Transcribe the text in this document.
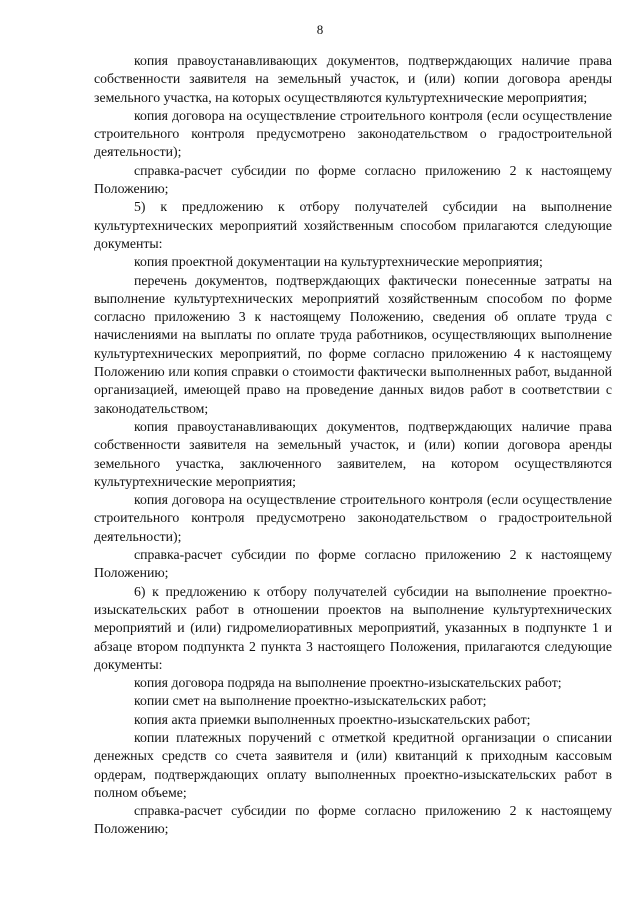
8

копия правоустанавливающих документов, подтверждающих наличие права собственности заявителя на земельный участок, и (или) копии договора аренды земельного участка, на которых осуществляются культуртехнические мероприятия;

копия договора на осуществление строительного контроля (если осуществление строительного контроля предусмотрено законодательством о градостроительной деятельности);

справка-расчет субсидии по форме согласно приложению 2 к настоящему Положению;

5) к предложению к отбору получателей субсидии на выполнение культуртехнических мероприятий хозяйственным способом прилагаются следующие документы:

копия проектной документации на культуртехнические мероприятия;

перечень документов, подтверждающих фактически понесенные затраты на выполнение культуртехнических мероприятий хозяйственным способом по форме согласно приложению 3 к настоящему Положению, сведения об оплате труда с начислениями на выплаты по оплате труда работников, осуществляющих выполнение культуртехнических мероприятий, по форме согласно приложению 4 к настоящему Положению или копия справки о стоимости фактически выполненных работ, выданной организацией, имеющей право на проведение данных видов работ в соответствии с законодательством;

копия правоустанавливающих документов, подтверждающих наличие права собственности заявителя на земельный участок, и (или) копии договора аренды земельного участка, заключенного заявителем, на котором осуществляются культуртехнические мероприятия;

копия договора на осуществление строительного контроля (если осуществление строительного контроля предусмотрено законодательством о градостроительной деятельности);

справка-расчет субсидии по форме согласно приложению 2 к настоящему Положению;

6) к предложению к отбору получателей субсидии на выполнение проектно-изыскательских работ в отношении проектов на выполнение культуртехнических мероприятий и (или) гидромелиоративных мероприятий, указанных в подпункте 1 и абзаце втором подпункта 2 пункта 3 настоящего Положения, прилагаются следующие документы:

копия договора подряда на выполнение проектно-изыскательских работ;

копии смет на выполнение проектно-изыскательских работ;

копия акта приемки выполненных проектно-изыскательских работ;

копии платежных поручений с отметкой кредитной организации о списании денежных средств со счета заявителя и (или) квитанций к приходным кассовым ордерам, подтверждающих оплату выполненных проектно-изыскательских работ в полном объеме;

справка-расчет субсидии по форме согласно приложению 2 к настоящему Положению;
